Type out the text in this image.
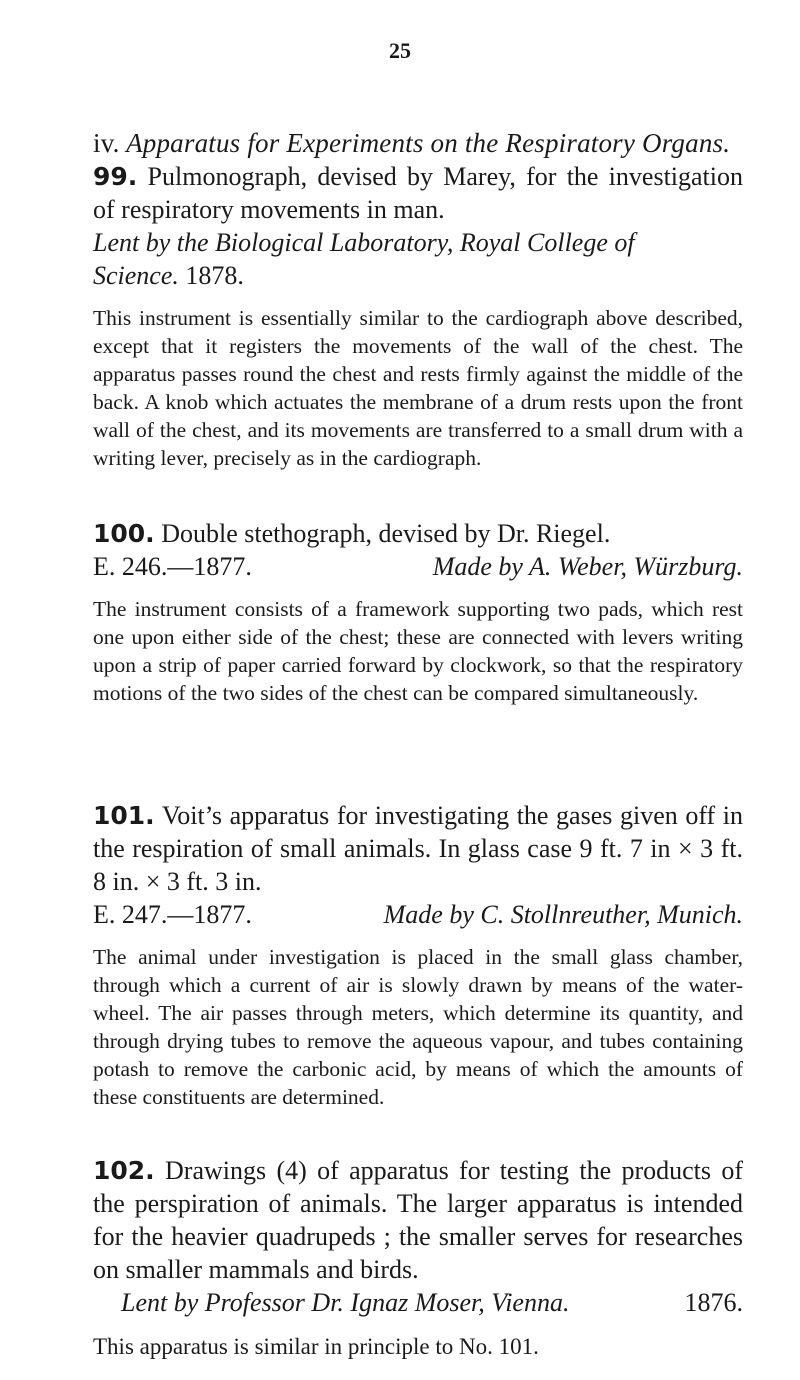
25
iv. Apparatus for Experiments on the Respiratory Organs.

99. Pulmonograph, devised by Marey, for the investigation of respiratory movements in man.
Lent by the Biological Laboratory, Royal College of
Science. 1878.

This instrument is essentially similar to the cardiograph above described, except that it registers the movements of the wall of the chest. The apparatus passes round the chest and rests firmly against the middle of the back. A knob which actuates the membrane of a drum rests upon the front wall of the chest, and its movements are transferred to a small drum with a writing lever, precisely as in the cardiograph.

100. Double stethograph, devised by Dr. Riegel.
E. 246.—1877.	Made by A. Weber, Würzburg.

The instrument consists of a framework supporting two pads, which rest one upon either side of the chest; these are connected with levers writing upon a strip of paper carried forward by clockwork, so that the respiratory motions of the two sides of the chest can be compared simultaneously.

101. Voit’s apparatus for investigating the gases given off in the respiration of small animals. In glass case 9 ft. 7 in × 3 ft. 8 in. × 3 ft. 3 in.
E. 247.—1877.	Made by C. Stollnreuther, Munich.

The animal under investigation is placed in the small glass chamber, through which a current of air is slowly drawn by means of the water-wheel. The air passes through meters, which determine its quantity, and through drying tubes to remove the aqueous vapour, and tubes containing potash to remove the carbonic acid, by means of which the amounts of these constituents are determined.

102. Drawings (4) of apparatus for testing the products of the perspiration of animals. The larger apparatus is intended for the heavier quadrupeds ; the smaller serves for researches on smaller mammals and birds.
Lent by Professor Dr. Ignaz Moser, Vienna.	1876.

This apparatus is similar in principle to No. 101.
